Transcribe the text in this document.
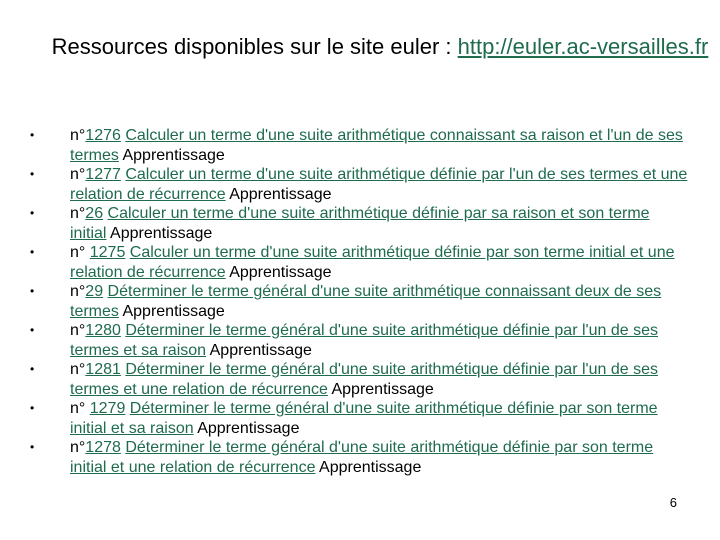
Ressources disponibles sur le site euler : http://euler.ac-versailles.fr
• n°1276 Calculer un terme d'une suite arithmétique connaissant sa raison et l'un de ses termes Apprentissage
• n°1277 Calculer un terme d'une suite arithmétique définie par l'un de ses termes et une relation de récurrence Apprentissage
• n°26 Calculer un terme d'une suite arithmétique définie par sa raison et son terme initial Apprentissage
• n° 1275 Calculer un terme d'une suite arithmétique définie par son terme initial et une relation de récurrence Apprentissage
• n°29 Déterminer le terme général d'une suite arithmétique connaissant deux de ses termes Apprentissage
• n°1280 Déterminer le terme général d'une suite arithmétique définie par l'un de ses termes et sa raison Apprentissage
• n°1281 Déterminer le terme général d'une suite arithmétique définie par l'un de ses termes et une relation de récurrence Apprentissage
• n° 1279 Déterminer le terme général d'une suite arithmétique définie par son terme initial et sa raison Apprentissage
• n°1278 Déterminer le terme général d'une suite arithmétique définie par son terme initial et une relation de récurrence Apprentissage
6
